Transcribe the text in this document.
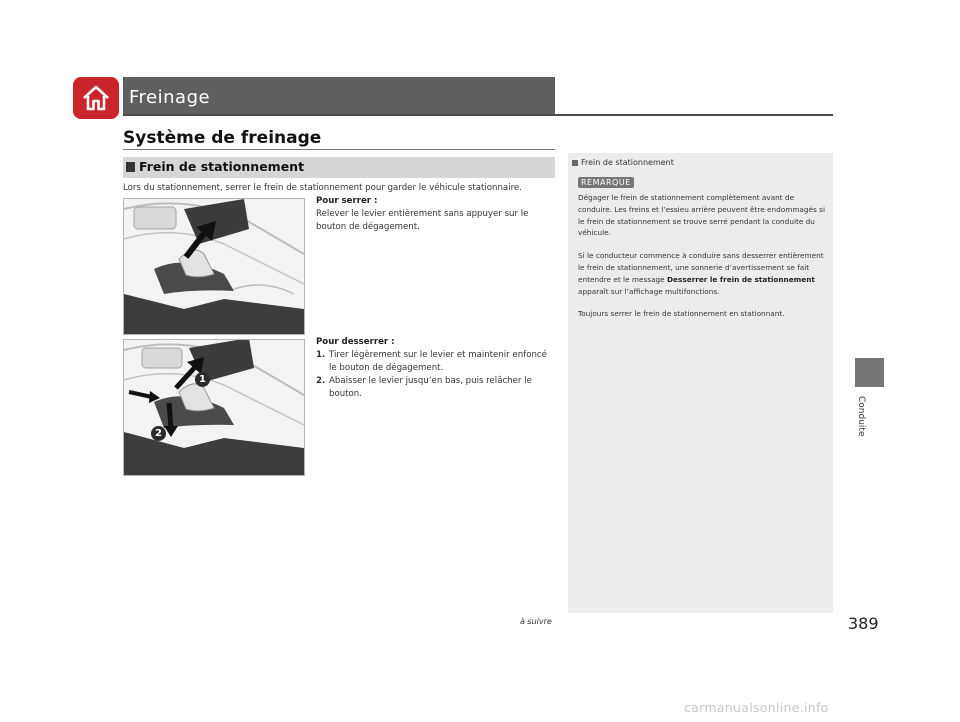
Freinage
Système de freinage
Frein de stationnement
Lors du stationnement, serrer le frein de stationnement pour garder le véhicule stationnaire.
Pour serrer :
Relever le levier entièrement sans appuyer sur le bouton de dégagement.
1
2
Pour desserrer :
1. Tirer légèrement sur le levier et maintenir enfoncé le bouton de dégagement.
2. Abaisser le levier jusqu’en bas, puis relâcher le bouton.
Frein de stationnement
REMARQUE

Dégager le frein de stationnement complètement avant de conduire. Les freins et l’essieu arrière peuvent être endommagés si le frein de stationnement se trouve serré pendant la conduite du véhicule.

Si le conducteur commence à conduire sans desserrer entièrement le frein de stationnement, une sonnerie d’avertissement se fait entendre et le message Desserrer le frein de stationnement apparaît sur l’affichage multifonctions.

Toujours serrer le frein de stationnement en stationnant.

Conduite
à suivre	389
carmanualsonline.info
